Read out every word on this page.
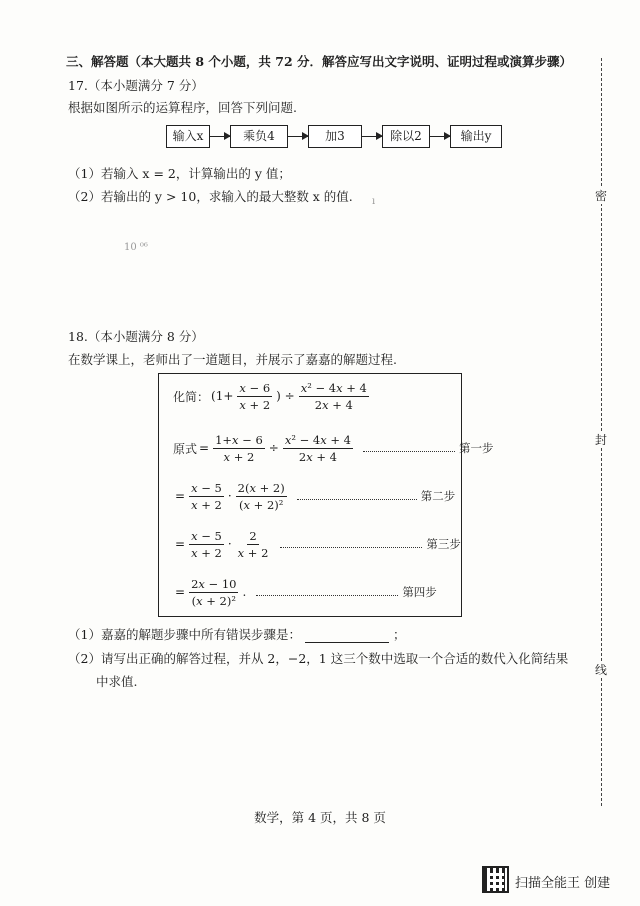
三、解答题（本大题共 8 个小题，共 72 分．解答应写出文字说明、证明过程或演算步骤）
17.（本小题满分 7 分）
根据如图所示的运算程序，回答下列问题.
输入x	乘负4	加3	除以2	输出y
（1）若输入 x = 2，计算输出的 y 值；
（2）若输出的 y > 10，求输入的最大整数 x 的值. ı
10 ⁰⁶
18.（本小题满分 8 分）
在数学课上，老师出了一道题目，并展示了嘉嘉的解题过程.
化简： ($1+ \frac{x - 6}{x + 2}$ ) ÷ $\frac{\text{x² − 4x + 4}}{2x + 4}$
原式 = $\frac{1+x - 6}{x + 2} \div \frac{\text{x² − 4x + 4}}{2x + 4}$	第一步
= $\frac{x - 5}{x + 2} \cdot \frac{2(x + 2)}{\text{(x + 2)²}}$	第二步
= $\frac{x - 5}{x + 2} \cdot \frac{2}{x + 2}$	第三步
= $\frac{2x - 10}{\text{(x + 2)²}}$ .	第四步
（1）嘉嘉的解题步骤中所有错误步骤是：	；
（2）请写出正确的解答过程，并从 2，−2，1 这三个数中选取一个合适的数代入化简结果
中求值.
密
封
线
数学，第 4 页，共 8 页
扫描全能王 创建
